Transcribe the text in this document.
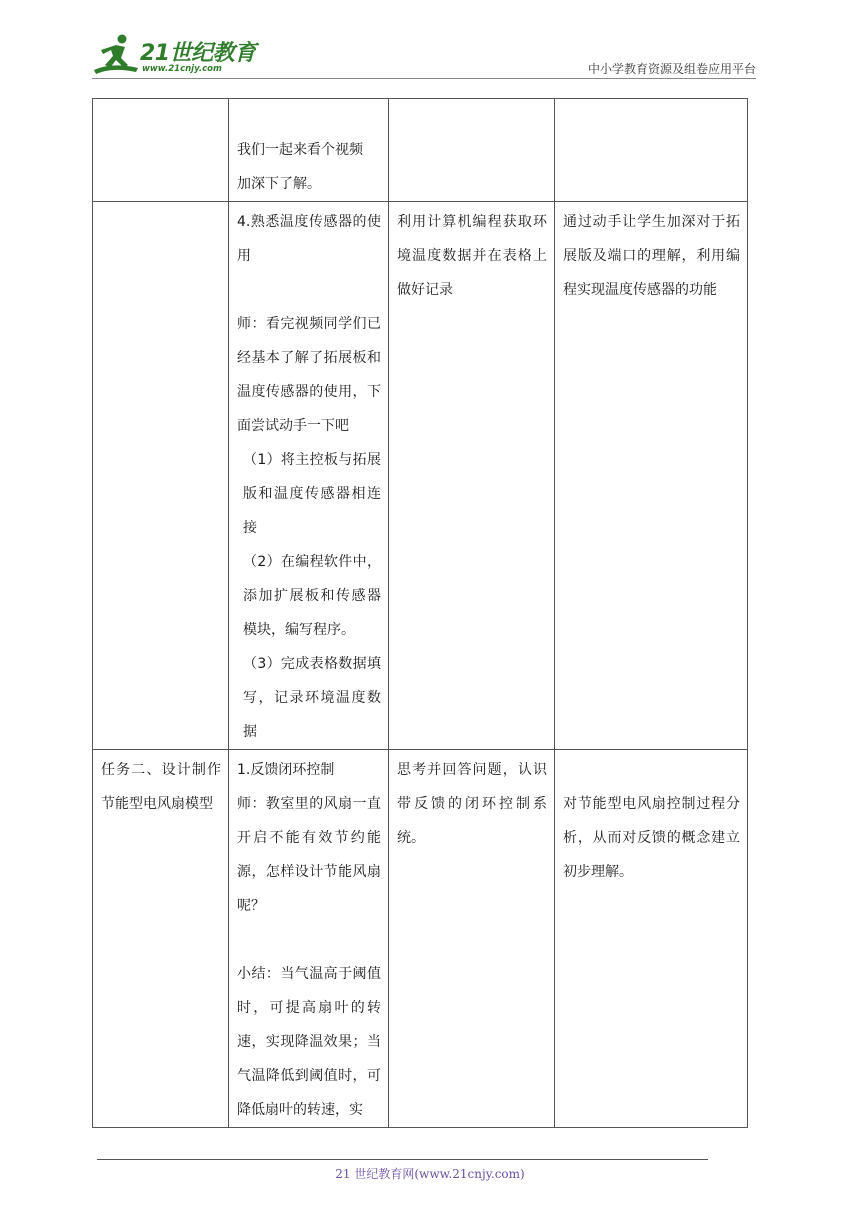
21世纪教育
www.21cnjy.com	中小学教育资源及组卷应用平台

	我们一起来看个视频
加深下了解。		

	4.熟悉温度传感器的使用
师：看完视频同学们已经基本了解了拓展板和温度传感器的使用，下面尝试动手一下吧
（1）将主控板与拓展版和温度传感器相连接
（2）在编程软件中，添加扩展板和传感器模块，编写程序。
（3）完成表格数据填写，记录环境温度数据	利用计算机编程获取环境温度数据并在表格上做好记录	通过动手让学生加深对于拓展版及端口的理解，利用编程实现温度传感器的功能

任务二、设计制作节能型电风扇模型	1.反馈闭环控制
师：教室里的风扇一直开启不能有效节约能源，怎样设计节能风扇呢？
小结：当气温高于阈值时，可提高扇叶的转速，实现降温效果；当气温降低到阈值时，可降低扇叶的转速，实	思考并回答问题，认识带反馈的闭环控制系统。	对节能型电风扇控制过程分析，从而对反馈的概念建立初步理解。
21 世纪教育网(www.21cnjy.com)
